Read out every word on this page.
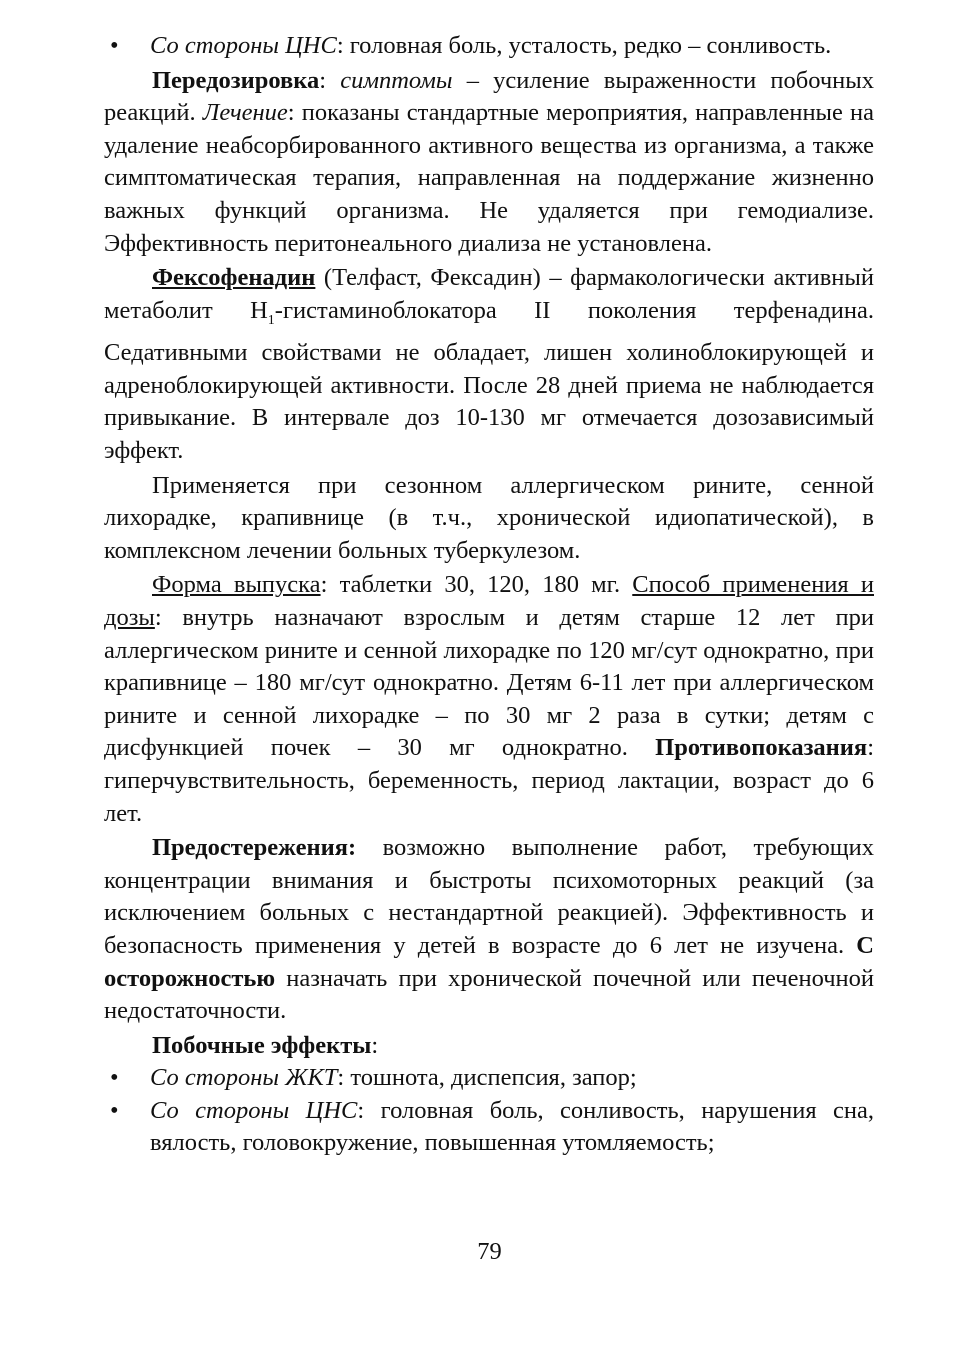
• Со стороны ЦНС: головная боль, усталость, редко – сонливость.

Передозировка: симптомы – усиление выраженности побочных реакций. Лечение: показаны стандартные мероприятия, направленные на удаление неабсорбированного активного вещества из организма, а также симптоматическая терапия, направленная на поддержание жизненно важных функций организма. Не удаляется при гемодиализе. Эффективность перитонеального диализа не установлена.

Фексофенадин (Телфаст, Фексадин) – фармакологически активный метаболит $Н_1$-гистаминоблокатора II поколения терфенадина. Седативными свойствами не обладает, лишен холиноблокирующей и адреноблокирующей активности. После 28 дней приема не наблюдается привыкание. В интервале доз 10-130 мг отмечается дозозависимый эффект.

Применяется при сезонном аллергическом рините, сенной лихорадке, крапивнице (в т.ч., хронической идиопатической), в комплексном лечении больных туберкулезом.

Форма выпуска: таблетки 30, 120, 180 мг. Способ применения и дозы: внутрь назначают взрослым и детям старше 12 лет при аллергическом рините и сенной лихорадке по 120 мг/сут однократно, при крапивнице – 180 мг/сут однократно. Детям 6-11 лет при аллергическом рините и сенной лихорадке – по 30 мг 2 раза в сутки; детям с дисфункцией почек – 30 мг однократно. Противопоказания: гиперчувствительность, беременность, период лактации, возраст до 6 лет.

Предостережения: возможно выполнение работ, требующих концентрации внимания и быстроты психомоторных реакций (за исключением больных с нестандартной реакцией). Эффективность и безопасность применения у детей в возрасте до 6 лет не изучена. С осторожностью назначать при хронической почечной или печеночной недостаточности.

Побочные эффекты:

• Со стороны ЖКТ: тошнота, диспепсия, запор;

• Со стороны ЦНС: головная боль, сонливость, нарушения сна, вялость, головокружение, повышенная утомляемость;

79
